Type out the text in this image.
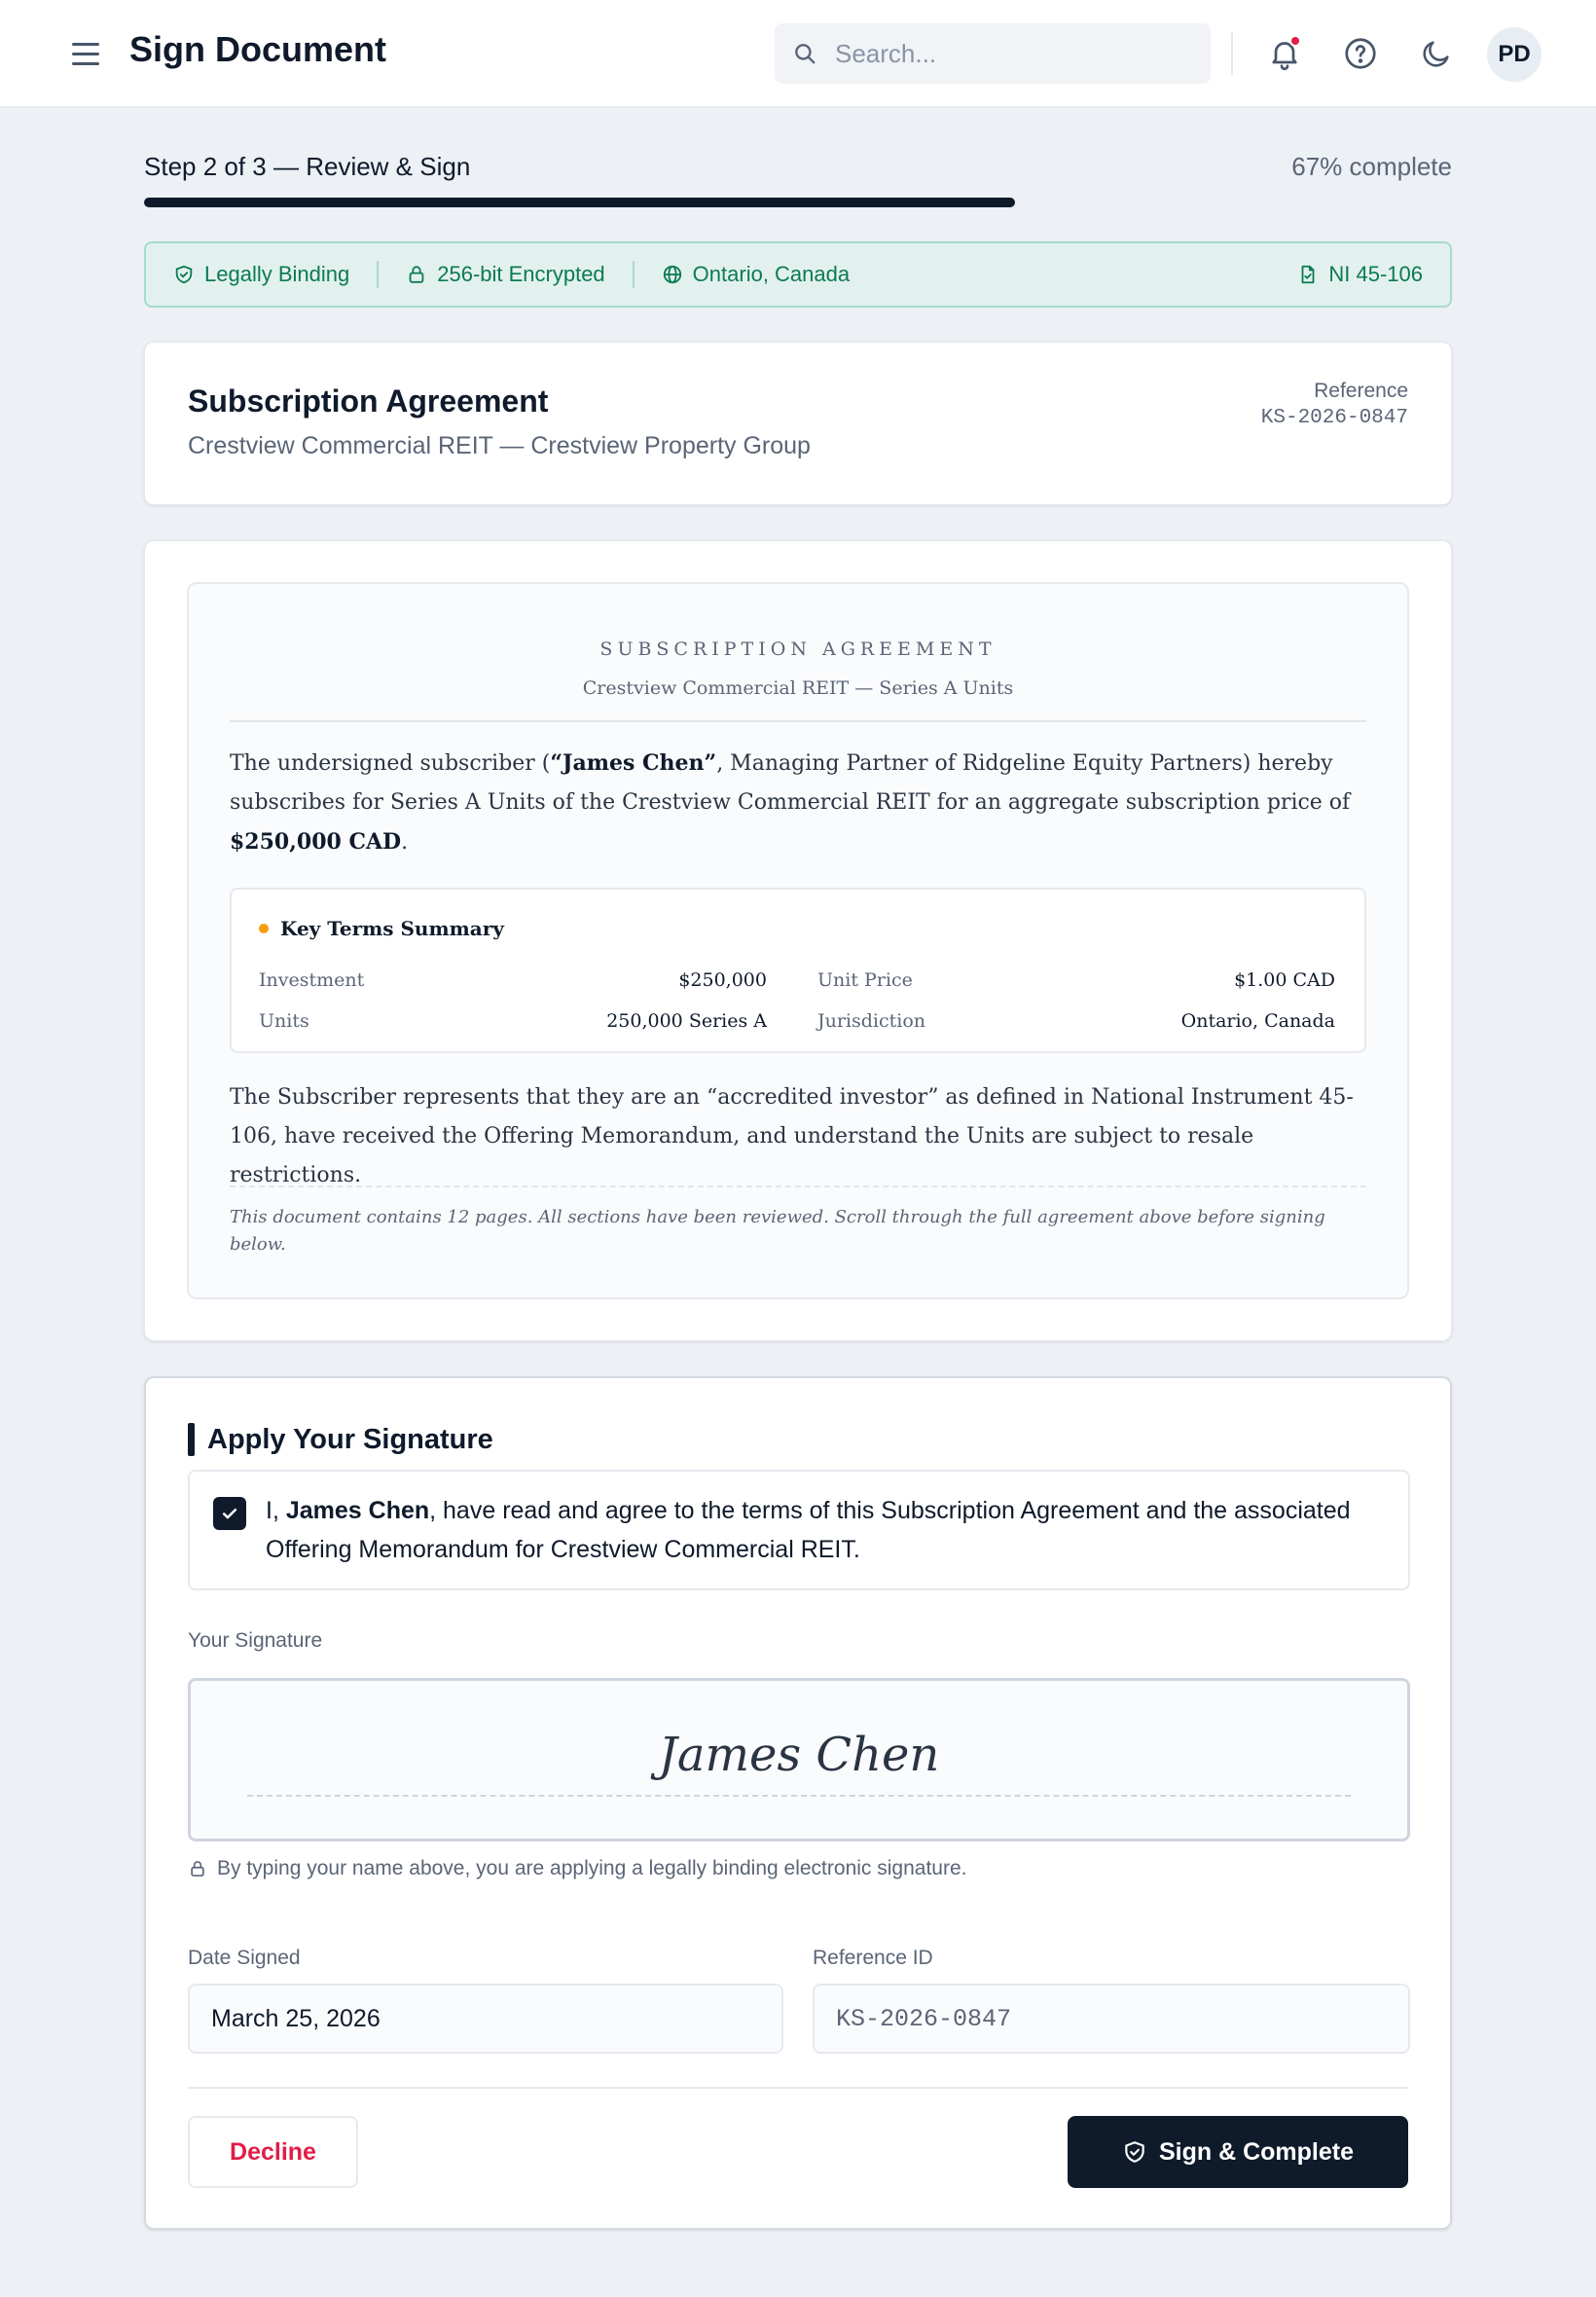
Sign Document
Search...	PD
Step 2 of 3 — Review & Sign	67% complete
Legally Binding	256-bit Encrypted	Ontario, Canada	NI 45-106
Subscription Agreement
Crestview Commercial REIT — Crestview Property Group
Reference
KS-2026-0847
SUBSCRIPTION AGREEMENT
Crestview Commercial REIT — Series A Units

The undersigned subscriber (“James Chen”, Managing Partner of Ridgeline Equity Partners) hereby subscribes for Series A Units of the Crestview Commercial REIT for an aggregate subscription price of $250,000 CAD.

Key Terms Summary
Investment	$250,000	Unit Price	$1.00 CAD
Units	250,000 Series A	Jurisdiction	Ontario, Canada

The Subscriber represents that they are an “accredited investor” as defined in National Instrument 45-106, have received the Offering Memorandum, and understand the Units are subject to resale restrictions.

This document contains 12 pages. All sections have been reviewed. Scroll through the full agreement above before signing below.

Apply Your Signature
I, James Chen, have read and agree to the terms of this Subscription Agreement and the associated Offering Memorandum for Crestview Commercial REIT.
Your Signature
James Chen
By typing your name above, you are applying a legally binding electronic signature.
Date Signed
March 25, 2026
Reference ID
KS-2026-0847
Decline	Sign & Complete
